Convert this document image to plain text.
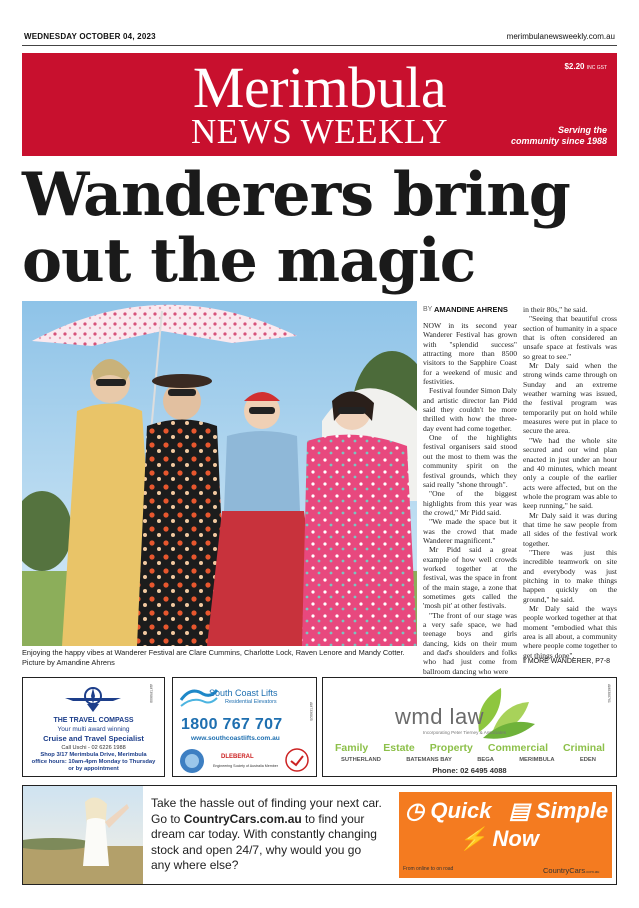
WEDNESDAY OCTOBER 04, 2023	merimbulanewsweekly.com.au
Merimbula
NEWS WEEKLY
$2.20 INC GST
Serving the
community since 1988
Wanderers bring
out the magic
Enjoying the happy vibes at Wanderer Festival are Clare Cummins, Charlotte Lock, Raven Lenore and Mandy Cotter. Picture by Amandine Ahrens
BY AMANDINE AHRENS

NOW in its second year Wanderer Festival has grown with "splendid success" attracting more than 8500 visitors to the Sapphire Coast for a weekend of music and festivities.

Festival founder Simon Daly and artistic director Ian Pidd said they couldn't be more thrilled with how the three-day event had come together.

One of the highlights festival organisers said stood out the most to them was the community spirit on the festival grounds, which they said really "shone through".

"One of the biggest highlights from this year was the crowd," Mr Pidd said.

"We made the space but it was the crowd that made Wanderer magnificent."

Mr Pidd said a great example of how well crowds worked together at the festival, was the space in front of the main stage, a zone that sometimes gets called the 'mosh pit' at other festivals.

"The front of our stage was a very safe space, we had teenage boys and girls dancing, kids on their mum and dad's shoulders and folks who had just come from ballroom dancing who were

in their 80s," he said.

"Seeing that beautiful cross section of humanity in a space that is often considered an unsafe space at festivals was so great to see."

Mr Daly said when the strong winds came through on Sunday and an extreme weather warning was issued, the festival program was temporarily put on hold while measures were put in place to secure the area.

"We had the whole site secured and our wind plan enacted in just under an hour and 40 minutes, which meant only a couple of the earlier acts were affected, but on the whole the program was able to keep running," he said.

Mr Daly said it was during that time he saw people from all sides of the festival work together.

"There was just this incredible teamwork on site and everybody was just pitching in to make things happen quickly on the ground," he said.

Mr Daly said the ways people worked together at that moment "embodied what this area is all about, a community where people come together to get things done".

‖ MORE WANDERER, P7-8
THE TRAVEL COMPASS
Your multi award winning
Cruise and Travel Specialist
Call Uschi - 02 6226 1988
Shop 3/17 Merimbula Drive, Merimbula
office hours: 10am-4pm Monday to Thursday
or by appointment
AM7398608	South Coast Lifts
Residential Elevators
1800 767 707
www.southcoastlifts.com.au
DLEBERAL
Engineering Society of Australia Member
AM7336825	wmd law
Incorporating Peter Tierney & Associates
Family Estate Property Commercial Criminal
SUTHERLAND	BATEMANS BAY	BEGA	MERIMBULA	EDEN
Phone: 02 6495 4088
AM8388761
Take the hassle out of finding your next car.
Go to CountryCars.com.au to find your
dream car today. With constantly changing
stock and open 24/7, why would you go
any where else?
◷ Quick ▤ Simple
⚡ Now
From online to on road	CountryCars.com.au
